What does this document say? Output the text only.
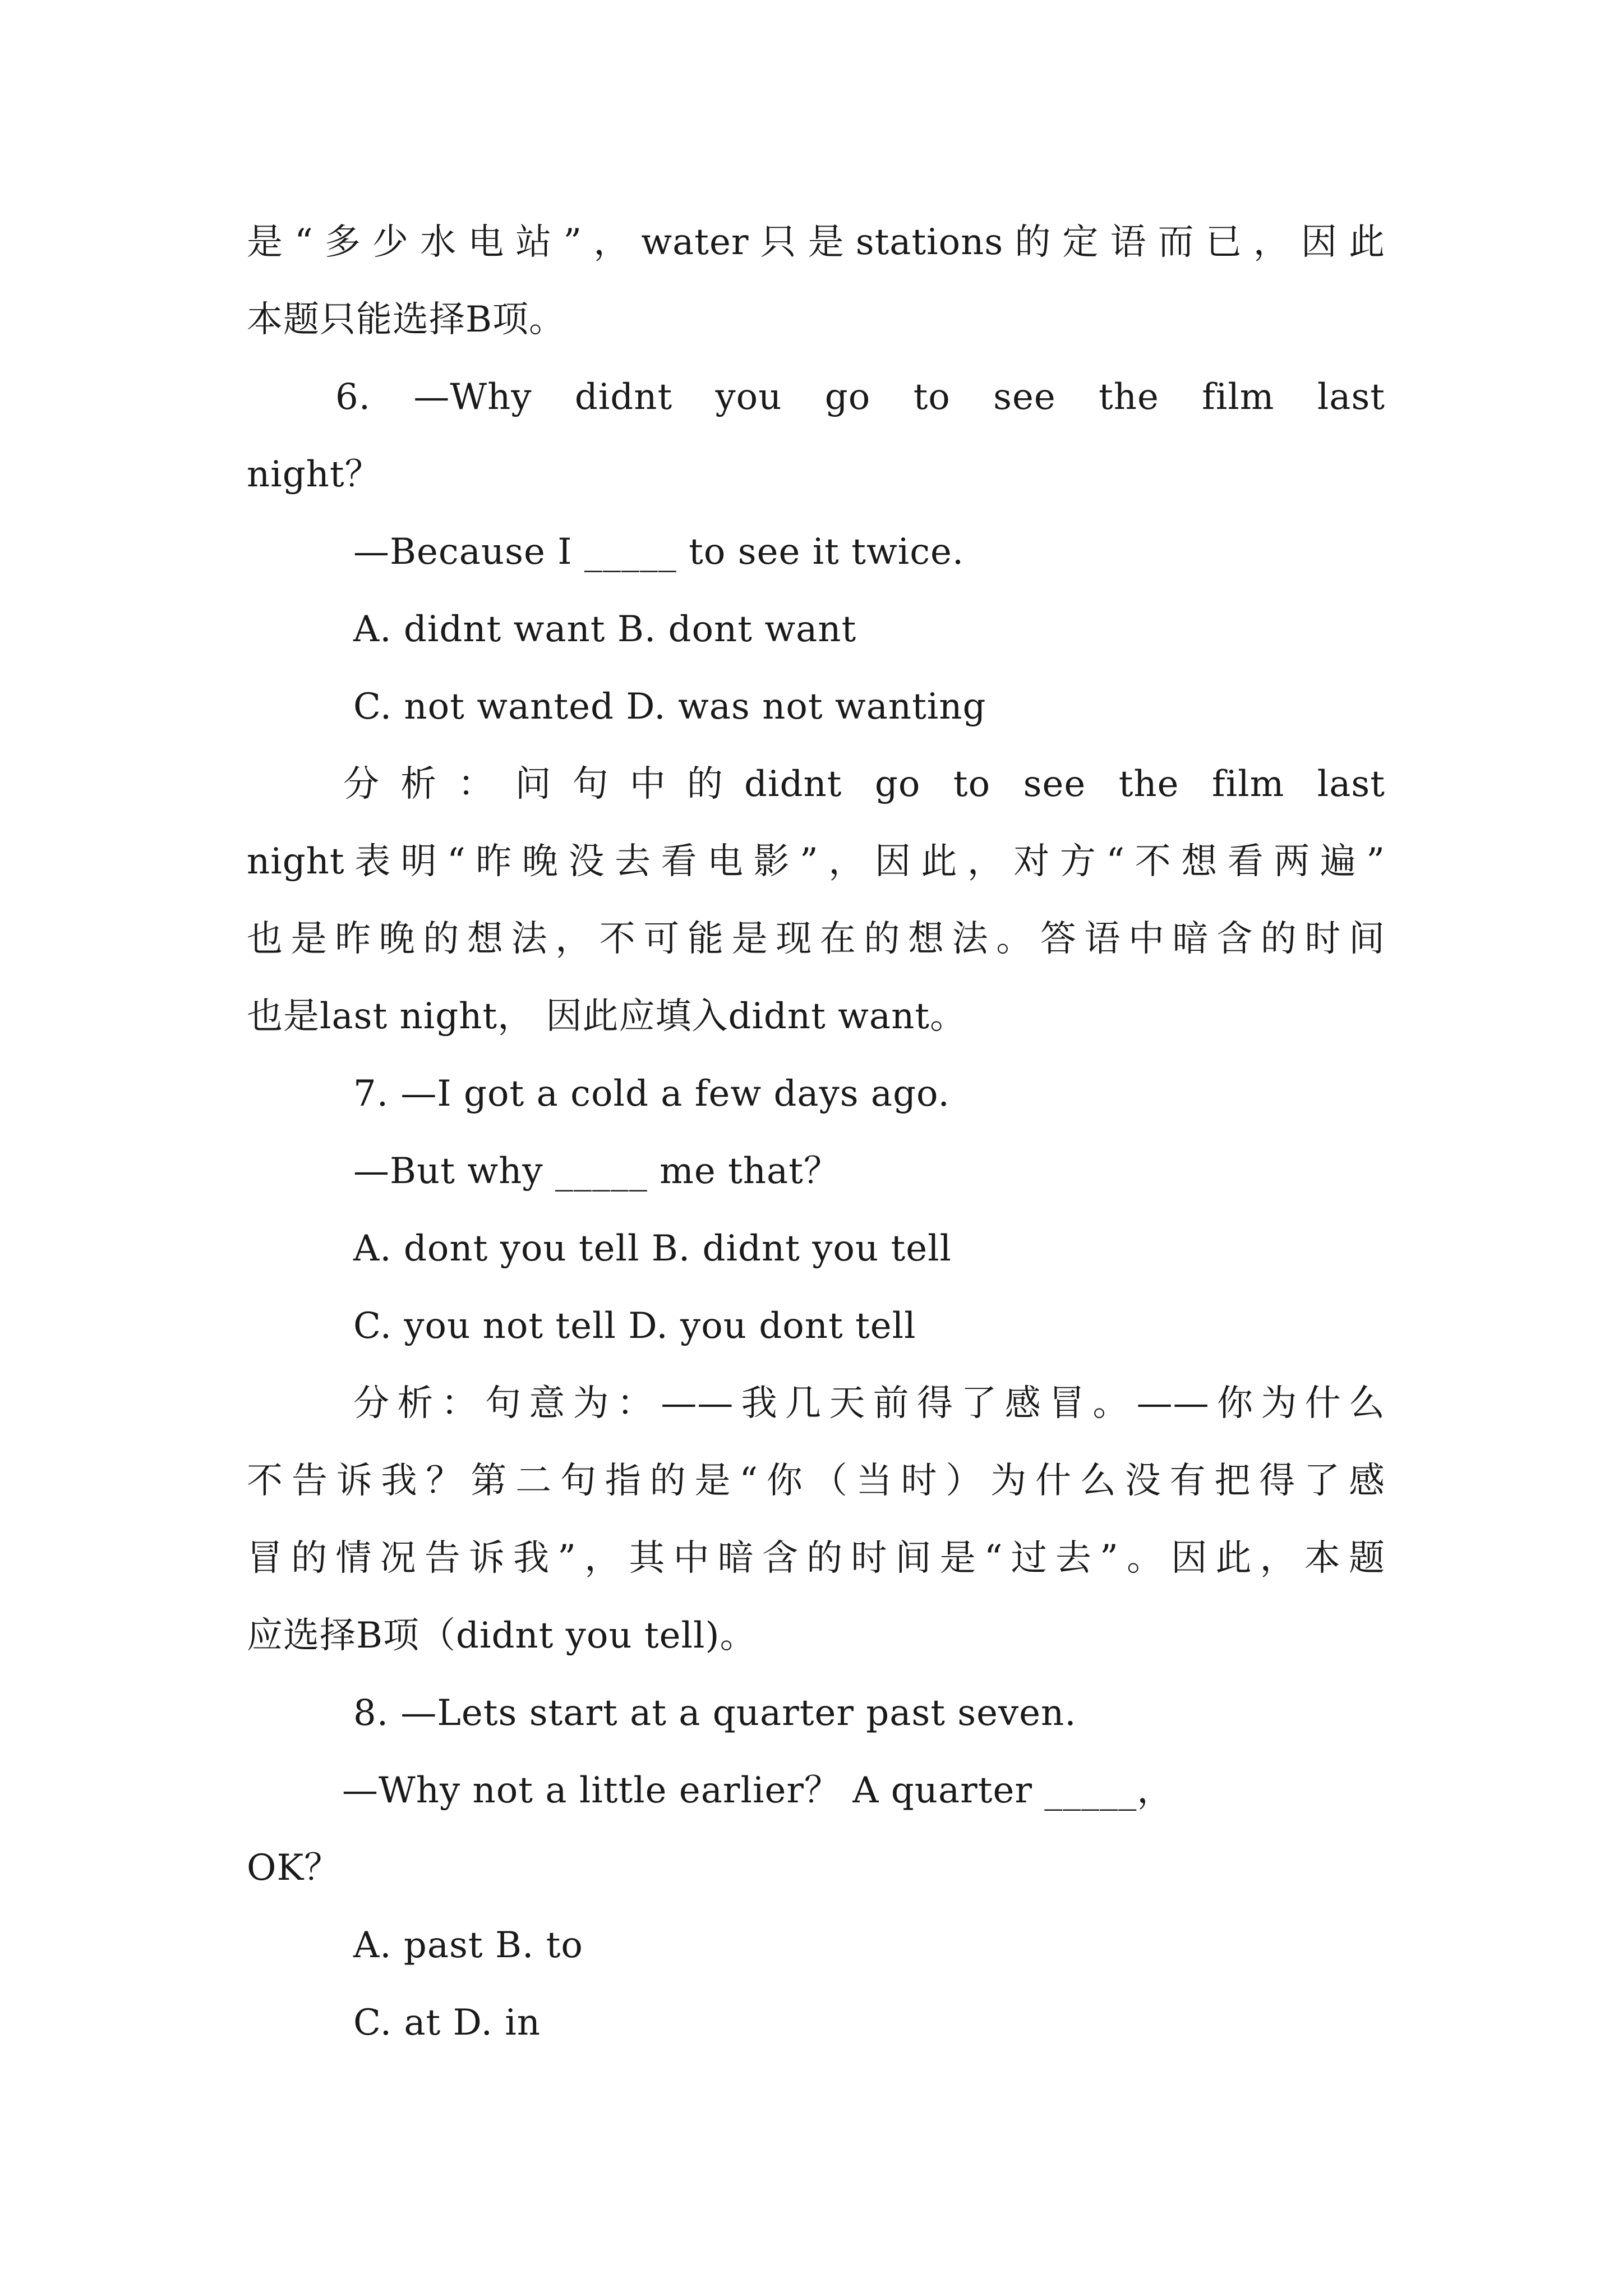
是“多少水电站”，water只是stations的定语而已，因此
本题只能选择B项。
6. —Why didnt you go to see the film last
night？
—Because I _____ to see it twice.
A. didnt want B. dont want
C. not wanted D. was not wanting
分析：问句中的didnt go to see the film last
night表明“昨晚没去看电影”，因此，对方“不想看两遍”
也是昨晚的想法，不可能是现在的想法。答语中暗含的时间
也是last night， 因此应填入didnt want。
7. —I got a cold a few days ago.
—But why _____ me that？
A. dont you tell B. didnt you tell
C. you not tell D. you dont tell
分析：句意为：——我几天前得了感冒。——你为什么
不告诉我？第二句指的是“你（当时）为什么没有把得了感
冒的情况告诉我”，其中暗含的时间是“过去”。因此，本题
应选择B项（didnt you tell)。
8. —Lets start at a quarter past seven.
—Why not a little earlier？ A quarter _____，
OK？
A. past B. to
C. at D. in
